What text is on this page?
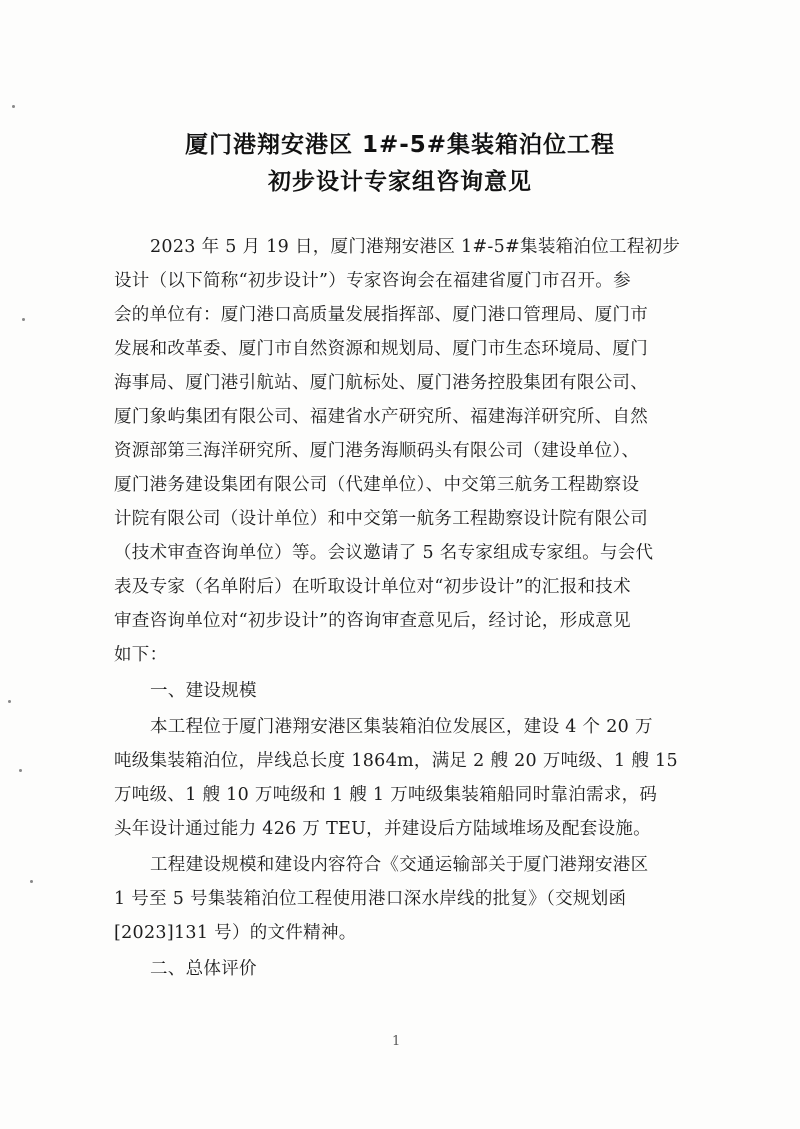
厦门港翔安港区 1#-5#集装箱泊位工程
初步设计专家组咨询意见
2023 年 5 月 19 日，厦门港翔安港区 1#-5#集装箱泊位工程初步
设计（以下简称“初步设计”）专家咨询会在福建省厦门市召开。参
会的单位有：厦门港口高质量发展指挥部、厦门港口管理局、厦门市
发展和改革委、厦门市自然资源和规划局、厦门市生态环境局、厦门
海事局、厦门港引航站、厦门航标处、厦门港务控股集团有限公司、
厦门象屿集团有限公司、福建省水产研究所、福建海洋研究所、自然
资源部第三海洋研究所、厦门港务海顺码头有限公司（建设单位）、
厦门港务建设集团有限公司（代建单位）、中交第三航务工程勘察设
计院有限公司（设计单位）和中交第一航务工程勘察设计院有限公司
（技术审查咨询单位）等。会议邀请了 5 名专家组成专家组。与会代
表及专家（名单附后）在听取设计单位对“初步设计”的汇报和技术
审查咨询单位对“初步设计”的咨询审查意见后，经讨论，形成意见
如下：
一、建设规模
本工程位于厦门港翔安港区集装箱泊位发展区，建设 4 个 20 万
吨级集装箱泊位，岸线总长度 1864m，满足 2 艘 20 万吨级、1 艘 15
万吨级、1 艘 10 万吨级和 1 艘 1 万吨级集装箱船同时靠泊需求，码
头年设计通过能力 426 万 TEU，并建设后方陆域堆场及配套设施。
工程建设规模和建设内容符合《交通运输部关于厦门港翔安港区
1 号至 5 号集装箱泊位工程使用港口深水岸线的批复》（交规划函
[2023]131 号）的文件精神。
二、总体评价
1
